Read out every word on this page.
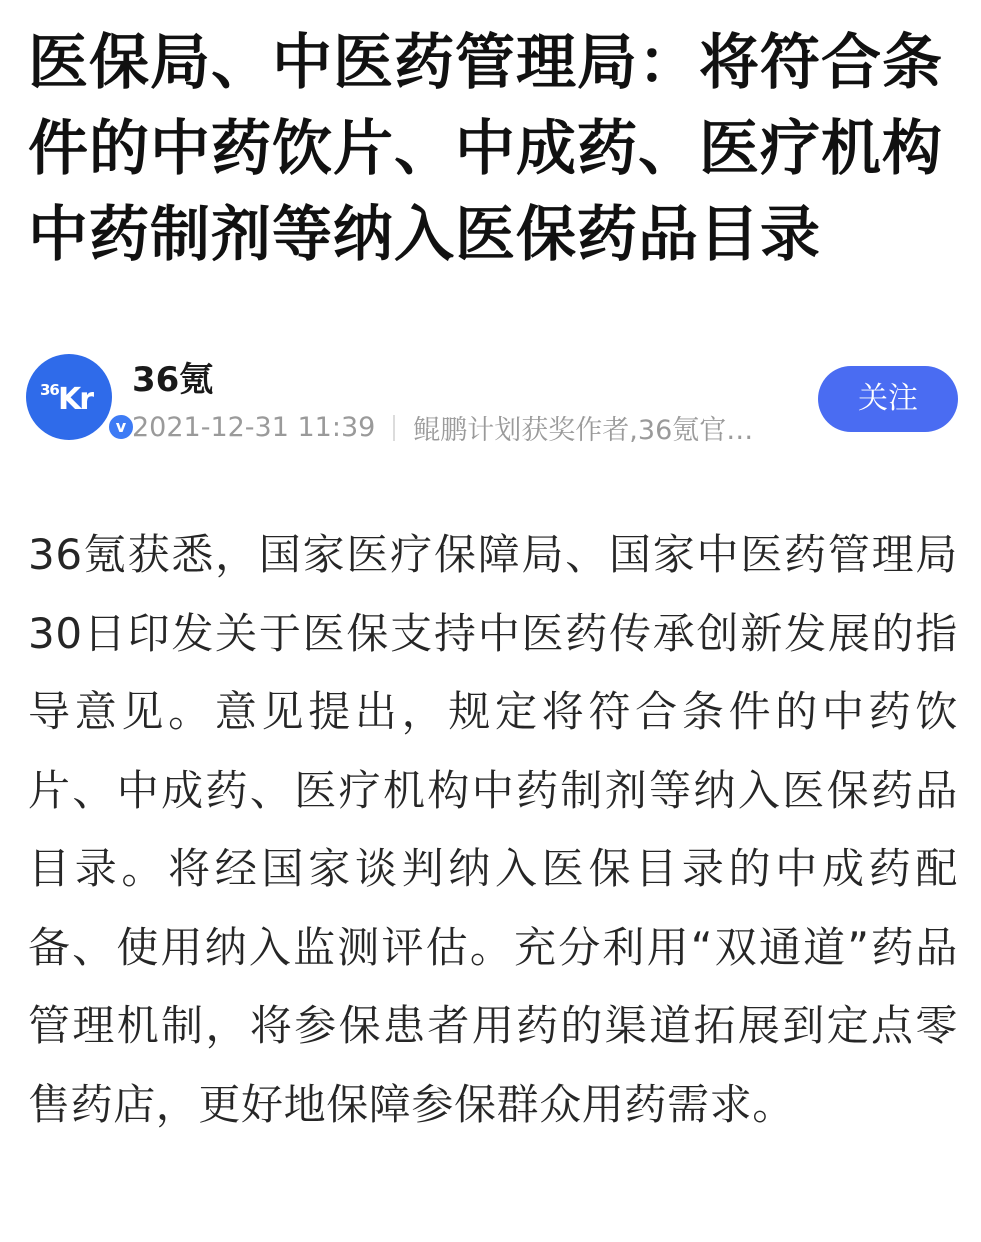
医保局、中医药管理局：将符合条件的中药饮片、中成药、医疗机构中药制剂等纳入医保药品目录
36 Kr
v
36氪
2021-12-31 11:39 鲲鹏计划获奖作者,36氪官…
关注

36氪获悉，国家医疗保障局、国家中医药管理局30日印发关于医保支持中医药传承创新发展的指导意见。意见提出，规定将符合条件的中药饮片、中成药、医疗机构中药制剂等纳入医保药品目录。将经国家谈判纳入医保目录的中成药配备、使用纳入监测评估。充分利用“双通道”药品管理机制，将参保患者用药的渠道拓展到定点零售药店，更好地保障参保群众用药需求。
